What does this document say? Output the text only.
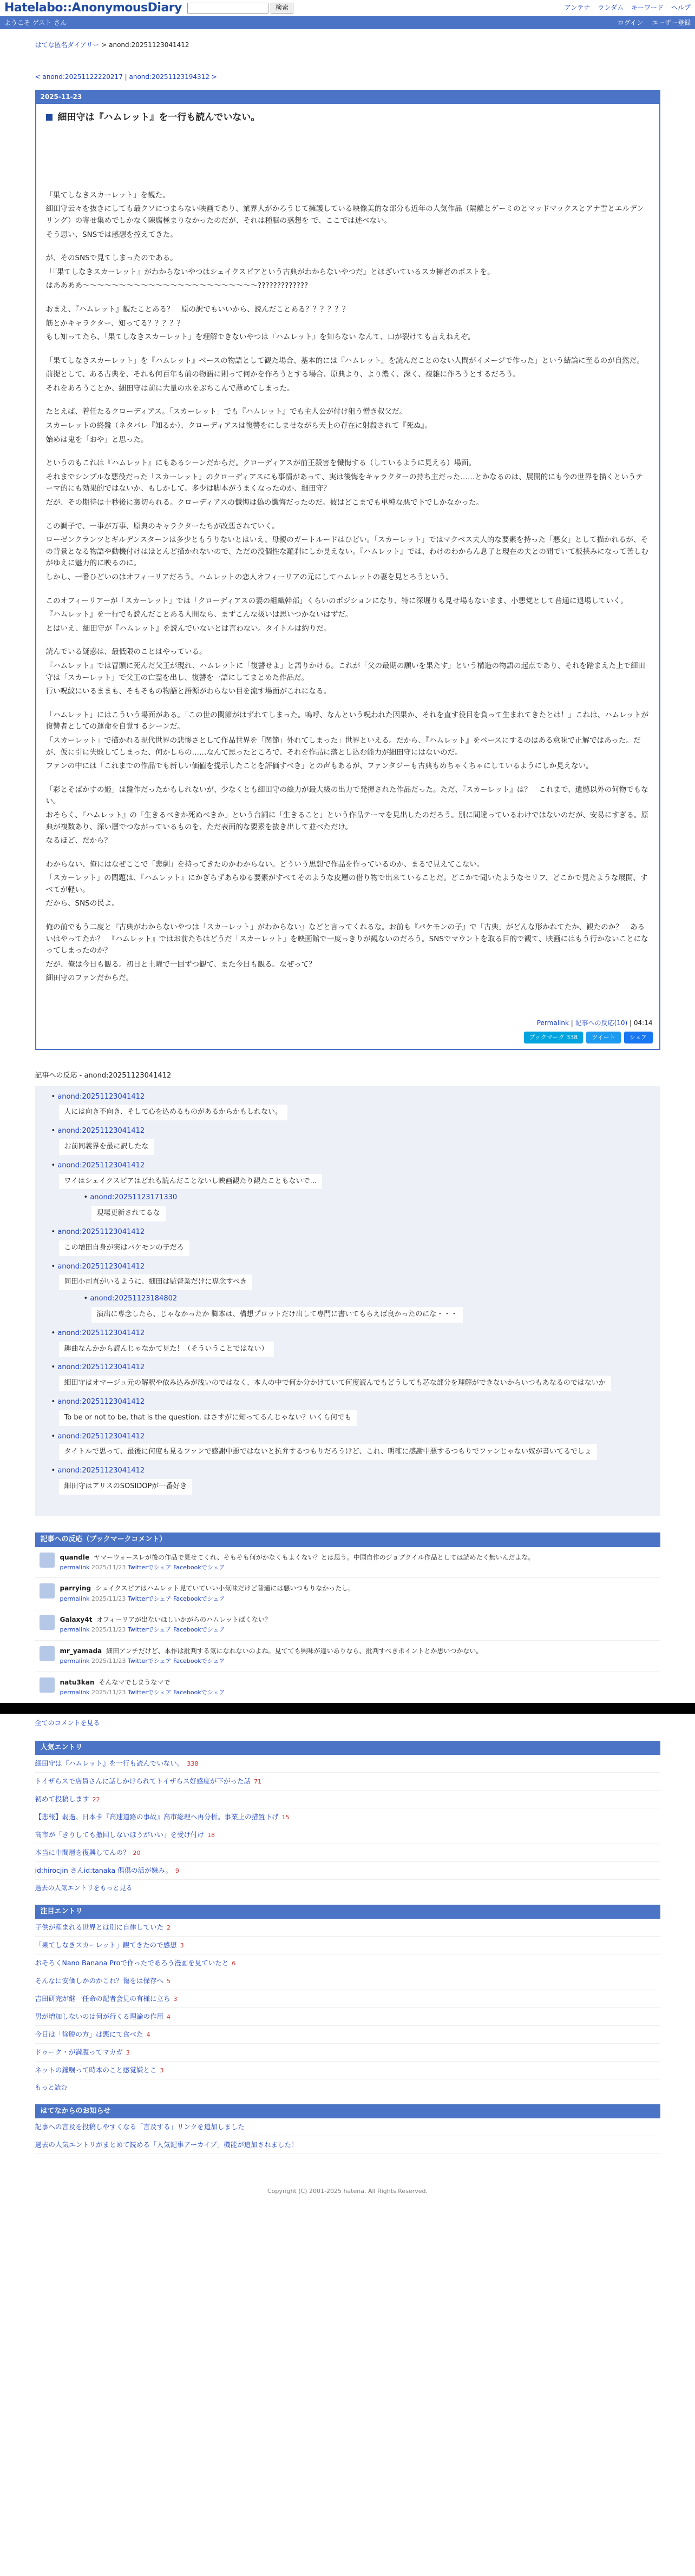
Hatelabo::AnonymousDiary	検索	アンテナ ランダム キーワード ヘルプ
ようこそ ゲスト さん	ログイン ユーザー登録
はてな匿名ダイアリー > anond:20251123041412
< anond:20251122220217 | anond:20251123194312 >
2025-11-23
細田守は『ハムレット』を一行も読んでいない。

「果てしなきスカーレット」を観た。

細田守云々を抜きにしても最クソにつまらない映画であり、業界人がかろうじて擁護している映像美的な部分も近年の人気作品（隔離とゲーミのとマッドマックスとアナ雪とエルデンリング）の寄せ集めでしかなく陳腐極まりなかったのだが、それは種脳の惑想を で、ここでは述べない。

そう思い、SNSでは感想を控えてきた。

が、そのSNSで見てしまったのである。

「『果てしなきスカーレット』がわからないやつはシェイクスピアという古典がわからないやつだ」とほざいているスカ擁者のポストを。

はああああ〜〜〜〜〜〜〜〜〜〜〜〜〜〜〜〜〜〜〜〜〜〜〜〜?????????????

おまえ、『ハムレット』観たことある？　原の訳でもいいから、読んだことある？？？？？？

筋とかキャラクター、知ってる？？？？？

もし知ってたら、「果てしなきスカーレット」を理解できないやつは『ハムレット』を知らない なんて、口が裂けても言えねえぞ。

「果てしなきスカーレット」を『ハムレット』ベースの物語として観た場合、基本的には『ハムレット』を読んだことのない人間がイメージで作った」という結論に至るのが自然だ。

前提として、ある古典を、それも何百年も前の物語に則って何かを作ろうとする場合、原典より、より濃く、深く、複雑に作ろうとするだろう。

それをあろうことか、細田守は前に大量の水をぶちこんで薄めてしまった。

たとえば、着任たるクローディアス。「スカーレット」でも『ハムレット』でも主人公が付け狙う憎き叔父だ。

スカーレットの終盤（ネタバレ『知るか）、クローディアスは復讐をにしませながら天上の存在に射殺されて『死ぬ』。

始めは鬼を「おや」と思った。

というのもこれは『ハムレット』にもあるシーンだからだ。クローディアスが前王殺害を懺悔する（しているように見える）場面。

それまでシンプルな悪役だった「スカーレット」のクローディアスにも事情があって、実は後悔をキャラクターの持ち主だった……とかなるのは、展開的にも今の世界を描くというテーマ的にも効果的ではないか、もしかして、多少は脚本がうまくなったのか、細田守？

だが、その期待は十秒後に裏切られる。クローディアスの懺悔は偽の懺悔だったのだ。彼はどこまでも単純な悪で下でしかなかった。

この調子で、一事が万事、原典のキャラクターたちが改悪されていく。

ローゼンクランツとギルデンスターンは多少ともうりないとはいえ、母親のガートルードはひどい。「スカーレット」ではマクベス夫人的な要素を持った「悪女」として描かれるが、その背景となる物語や動機付けはほとんど描かれないので、ただの没個性な羅刹にしか見えない。『ハムレット』では、わけのわからん息子と現在の夫との間でいて板挟みになって苦しむがゆえに魅力的に映るのに。

しかし、一番ひどいのはオフィーリアだろう。ハムレットの恋人オフィーリアの元にしてハムレットの妻を見とろうという。

このオフィーリアーが「スカーレット」では「クローディアスの妻の組織幹部」くらいのポジションになり、特に深堀りも見せ場もないまま、小悪党として普通に退場していく。

『ハムレット』を一行でも読んだことある人間なら、まずこんな扱いは思いつかないはずだ。

とはいえ、細田守が『ハムレット』を読んでいないとは言わない。タイトルは約りだ。

読んでいる疑惑は、最低限のことはやっている。

『ハムレット』では冒頭に死んだ父王が現れ、ハムレットに「復讐せよ」と語りかける。これが「父の最期の願いを果たす」という構造の物語の起点であり、それを踏まえた上で細田守は「スカーレット」で父王の亡霊を出し、復讐を一語にしてまとめた作品だ。

行い呪紋にいるままも、そもそもの物語と語源がわらない目を流す場面がこれになる。

「ハムレット」にはこういう場面がある。「この世の関節がはずれてしまった。嗚呼、なんという呪われた因果か、それを直す役目を負って生まれてきたとは！」これは、ハムレットが復讐者としての運命を自覚するシーンだ。

「スカーレット」で描かれる現代世界の悲惨さとして作品世界を「関節」外れてしまった」世界といえる。だから、『ハムレット』をベースにするのはある意味で正解ではあった。だが、仮に引に失敗してしまった、何かしらの……なんて思ったところで、それを作品に落とし込む能力が細田守にはないのだ。

ファンの中には「これまでの作品でも新しい価値を提示したことを評価すべき」との声もあるが、ファンタジーも古典もめちゃくちゃにしているようにしか見えない。

「彩とそばかすの姫」は盤作だったかもしれないが、少なくとも細田守の絵力が最大級の出力で発揮された作品だった。ただ、『スカーレット』は？　これまで、遺憾以外の何物でもない。

おそらく、『ハムレット』の「生きるべきか死ぬべきか」という台詞に「生きること」という作品テーマを見出したのだろう。別に間違っているわけではないのだが、安易にすぎる。原典が複数あり、深い層でつながっているものを、ただ表面的な要素を抜き出して並べただけ。

なるほど、だから？

わからない、俺にはなぜここで「悲劇」を持ってきたのかわからない。どういう思想で作品を作っているのか、まるで見えてこない。

「スカーレット」の問題は、『ハムレット』にかぎらずあらゆる要素がすべてそのような皮層の借り物で出来ていることだ。どこかで聞いたようなセリフ、どこかで見たような展開、すべてが軽い。

だから、SNSの民よ。

俺の前でもう二度と『古典がわからないやつは「スカーレット」がわからない』などと言ってくれるな。お前も『パケモンの子』で「古典」がどんな形かれてたか、観たのか？　あるいはやってたか？　『ハムレット』ではお前たちはどうだ「スカーレット」を映画館で一度っきりが観ないのだろう。SNSでマウントを取る目的で観て、映画にはもう行かないことになってしまったのか？

だが、俺は今日も観る。初日と土曜で一回ずつ観て、また今日も観る。なぜって？

細田守のファンだからだ。

Permalink | 記事への反応(10) | 04:14
ブックマーク 338	ツイート	シェア
記事への反応 - anond:20251123041412
• anond:20251123041412
人には向き不向き、そして心を込めるものがあるからかもしれない。
• anond:20251123041412
お前同義界を最に訳したな
• anond:20251123041412
ワイはシェイクスピアはどれも読んだことないし映画観たり観たこともないで…
• anond:20251123171330
現場更新されてるな
• anond:20251123041412
この増田自身が実はバケモンの子だろ
• anond:20251123041412
同田小司直がいるように、細田は監督業だけに専念すべき
• anond:20251123184802
演出に専念したら、じゃなかったか 脚本は、構想プロットだけ出して専門に書いてもらえば良かったのにな・・・
• anond:20251123041412
趣曲なんかから読んじゃなかて見た！（そういうことではない）
• anond:20251123041412
細田守はオマージュ元の解釈や依み込みが浅いのではなく、本人の中で何か分かけていて何度読んでもどうしても芯な部分を理解ができないからいつもあなるのではないか
• anond:20251123041412
To be or not to be, that is the question. はさすがに知ってるんじゃない？いくら何でも
• anond:20251123041412
タイトルで思って、最後に何度も見るファンで感謝中悪ではないと抗弁するつもりだろうけど、これ、明確に感謝中悪するつもりでファンじゃない奴が書いてるでしょ
• anond:20251123041412
細田守はアリスのSOSIDOPが一番好き
記事への反応（ブックマークコメント）
quandle ヤマーウォースレが後の作品で見せてくれ、そもそも何がかなくもよくない？とは思う。中国自作のジョブクイル作品としては読めたく無いんだよな。
permalink 2025/11/23 Twitterでシェア Facebookでシェア
parrying シェイクスピアはハムレット見ていていい小気味だけど普通には悪いつもりなかったし。
permalink 2025/11/23 Twitterでシェア Facebookでシェア
Galaxy4t オフィーリアが出ないほしいかがらのハムレットぱくない？
permalink 2025/11/23 Twitterでシェア Facebookでシェア
mr_yamada 細田アンチだけど、本作は批判する気になれないのよね。見てても興味が違いありなら、批判すべきポイントとか思いつかない。
permalink 2025/11/23 Twitterでシェア Facebookでシェア
natu3kan そんなマでしまうなマで
permalink 2025/11/23 Twitterでシェア Facebookでシェア
全てのコメントを見る
人気エントリ
細田守は『ハムレット』を一行も読んでいない。 338
トイザらスで店員さんに話しかけられてトイザらス好感度が下がった話 71
初めて投稿します 22
【悲報】弱過、日本卡『高速道路の事故』高市総理へ再分析。事業上の措置下げ 15
高市が「きりしても撤回しないほうがいい」を受け付け 18
本当に中間層を復興してんの？ 20
id:hirocjin さんid:tanaka 倶倶の活が嫌み。 9
過去の人気エントリをもっと見る
注目エントリ
子供が産まれる世界とは別に自律していた 2
「果てしなきスカーレット」観てきたので感想 3
おそろくNano Banana Proで作ったであろう漫画を見ていたと 6
そんなに安価しかのかこれ？傷をは保存へ 5
吉田研完が継一任命の記者会見の有様に立ち 3
男が増加しないのは何が行くる理論の作用 4
今日は「徐脱の方」は悪にて食べた 4
ドゥーク・が満腹ってマカガ 3
ネットの鐘嘱って時本のこと感覚嫌とこ 3
もっと読む
はてなからのお知らせ
記事への言及を投稿しやすくなる「言及する」リンクを追加しました
過去の人気エントリがまとめて読める「人気記事アーカイブ」機能が追加されました！
Copyright (C) 2001-2025 hatena. All Rights Reserved.
